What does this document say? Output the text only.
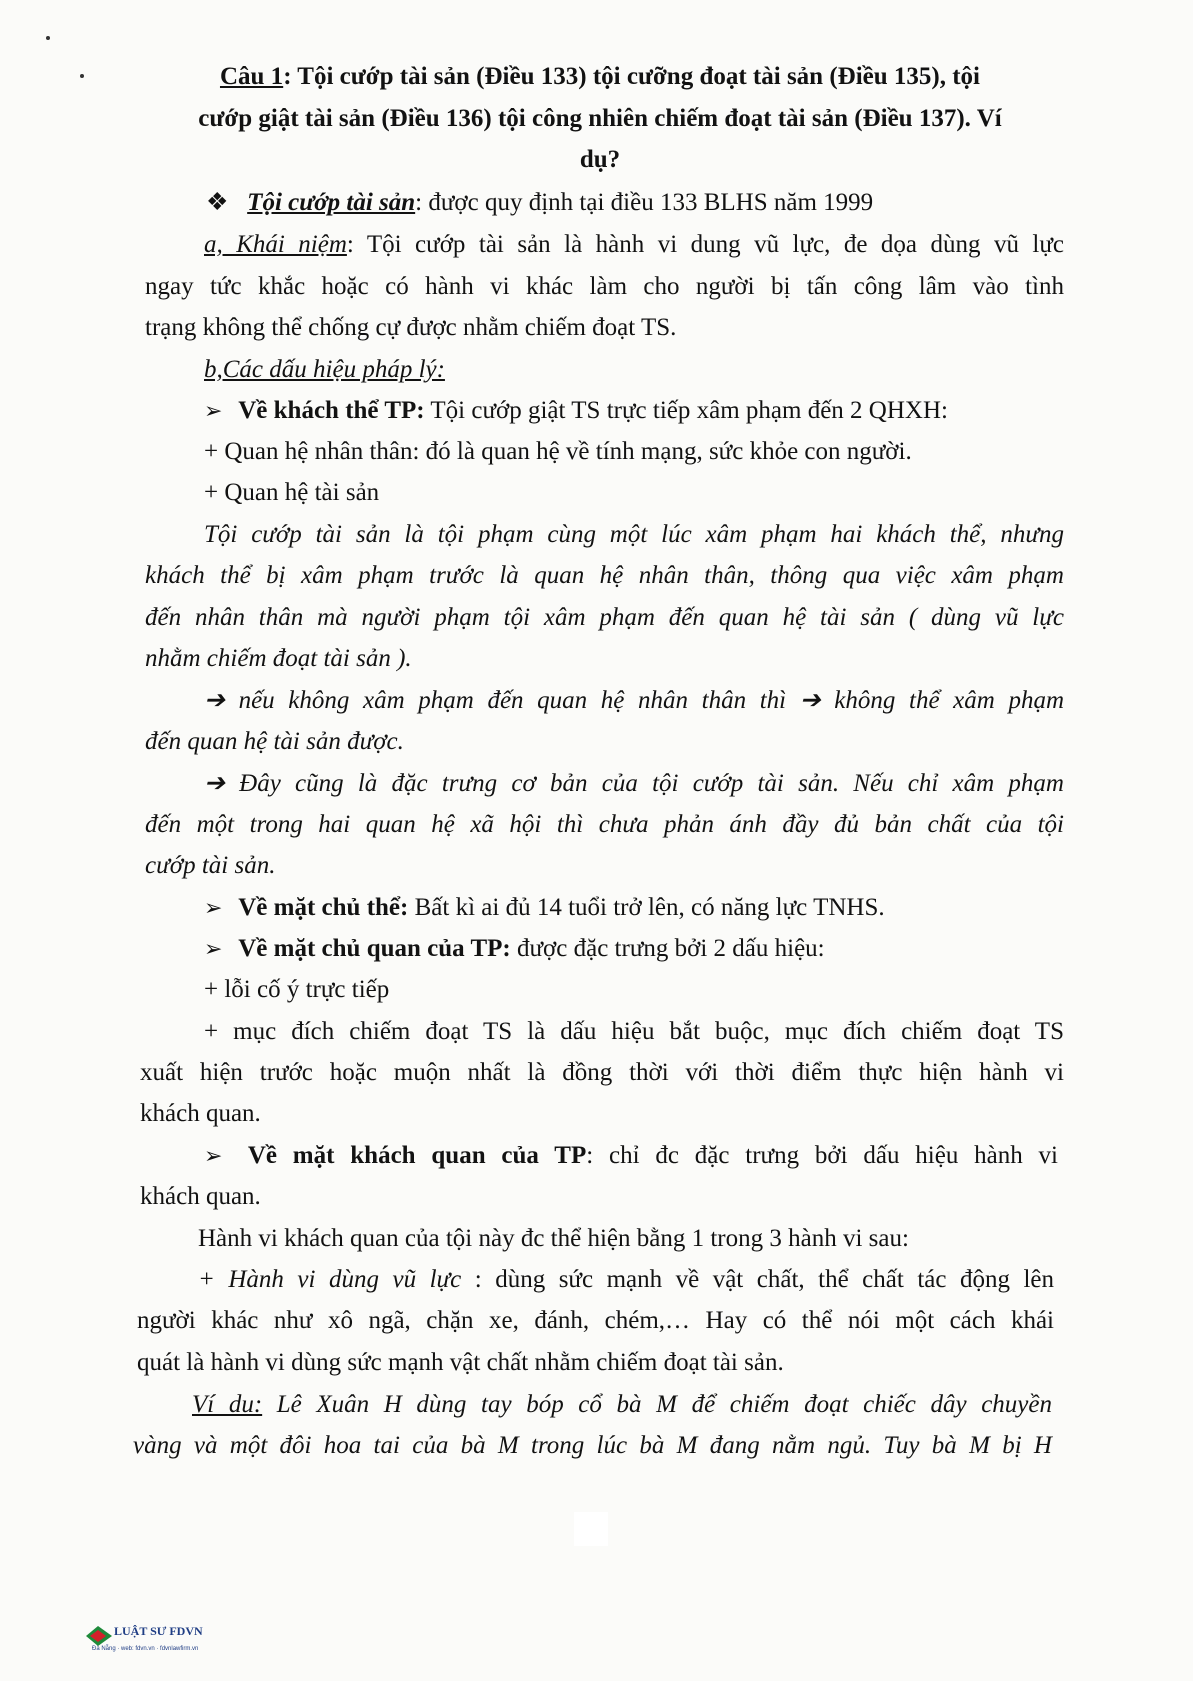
Câu 1: Tội cướp tài sản (Điều 133) tội cưỡng đoạt tài sản (Điều 135), tội
cướp giật tài sản (Điều 136) tội công nhiên chiếm đoạt tài sản (Điều 137). Ví
dụ?
❖ Tội cướp tài sản: được quy định tại điều 133 BLHS năm 1999
a, Khái niệm: Tội cướp tài sản là hành vi dung vũ lực, đe dọa dùng vũ lực
ngay tức khắc hoặc có hành vi khác làm cho người bị tấn công lâm vào tình
trạng không thể chống cự được nhằm chiếm đoạt TS.
b,Các dấu hiệu pháp lý:
➢ Về khách thể TP: Tội cướp giật TS trực tiếp xâm phạm đến 2 QHXH:
+ Quan hệ nhân thân: đó là quan hệ về tính mạng, sức khỏe con người.
+ Quan hệ tài sản
Tội cướp tài sản là tội phạm cùng một lúc xâm phạm hai khách thể, nhưng
khách thể bị xâm phạm trước là quan hệ nhân thân, thông qua việc xâm phạm
đến nhân thân mà người phạm tội xâm phạm đến quan hệ tài sản ( dùng vũ lực
nhằm chiếm đoạt tài sản ).
➔ nếu không xâm phạm đến quan hệ nhân thân thì ➔ không thể xâm phạm
đến quan hệ tài sản được.
➔ Đây cũng là đặc trưng cơ bản của tội cướp tài sản. Nếu chỉ xâm phạm
đến một trong hai quan hệ xã hội thì chưa phản ánh đầy đủ bản chất của tội
cướp tài sản.
➢ Về mặt chủ thể: Bất kì ai đủ 14 tuổi trở lên, có năng lực TNHS.
➢ Về mặt chủ quan của TP: được đặc trưng bởi 2 dấu hiệu:
+ lỗi cố ý trực tiếp
+ mục đích chiếm đoạt TS là dấu hiệu bắt buộc, mục đích chiếm đoạt TS
xuất hiện trước hoặc muộn nhất là đồng thời với thời điểm thực hiện hành vi
khách quan.
➢ Về mặt khách quan của TP: chỉ đc đặc trưng bởi dấu hiệu hành vi
khách quan.
Hành vi khách quan của tội này đc thể hiện bằng 1 trong 3 hành vi sau:
+ Hành vi dùng vũ lực : dùng sức mạnh về vật chất, thể chất tác động lên
người khác như xô ngã, chặn xe, đánh, chém,… Hay có thể nói một cách khái
quát là hành vi dùng sức mạnh vật chất nhằm chiếm đoạt tài sản.
Ví du: Lê Xuân H dùng tay bóp cổ bà M để chiếm đoạt chiếc dây chuyền
vàng và một đôi hoa tai của bà M trong lúc bà M đang nằm ngủ. Tuy bà M bị H
LUẬT SƯ FDVN
Đà Nẵng · web: fdvn.vn · fdvnlawfirm.vn
